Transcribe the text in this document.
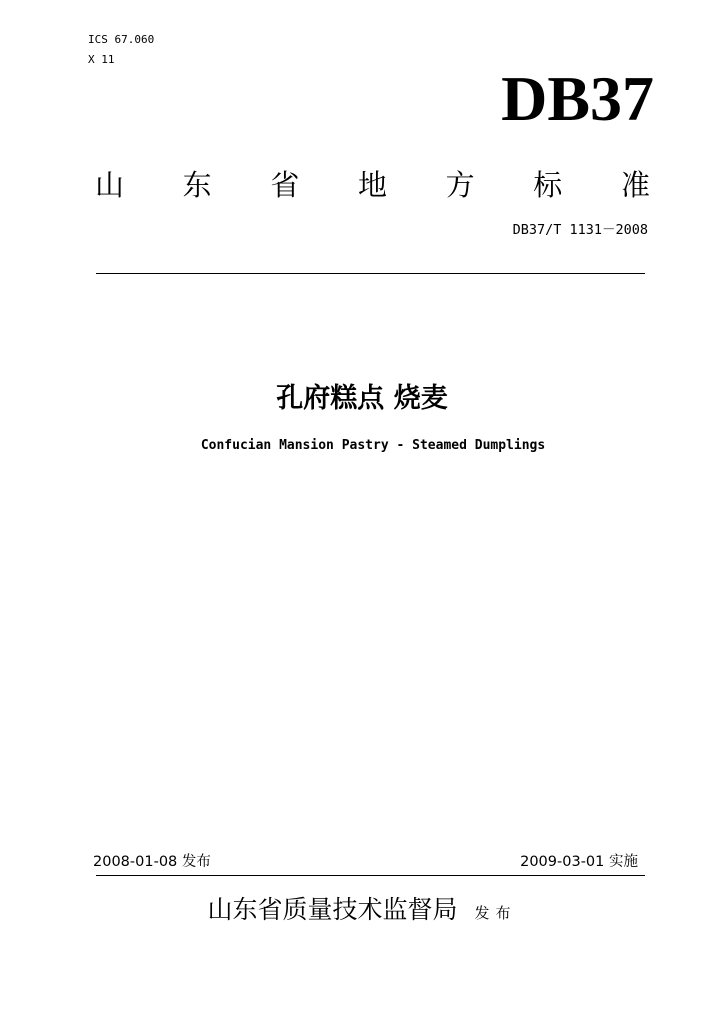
ICS 67.060
X 11
DB37
山 东 省 地 方 标 准
DB37/T 1131－2008
孔府糕点 烧麦
Confucian Mansion Pastry - Steamed Dumplings
2008-01-08 发布	2009-03-01 实施
山东省质量技术监督局 发布
